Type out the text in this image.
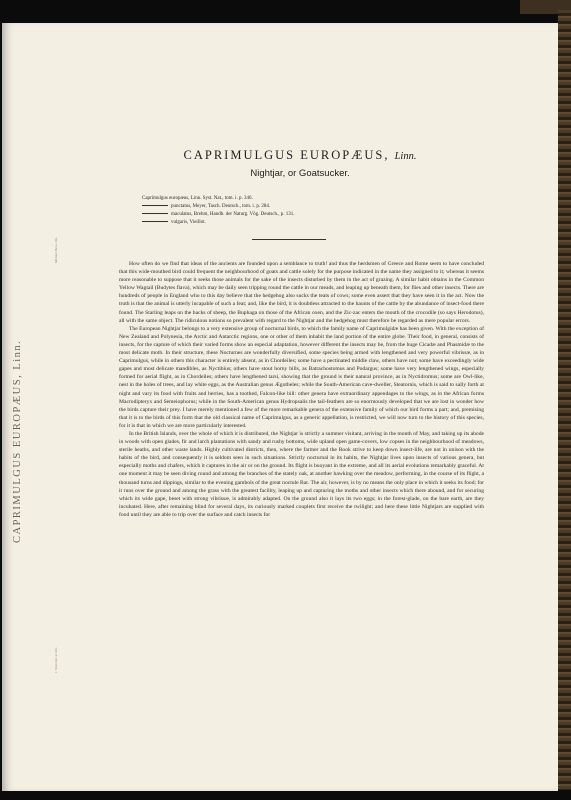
CAPRIMULGUS EUROPÆUS, Linn.
Mintern Bros. lith.
J. Smit del. et lith.
CAPRIMULGUS EUROPÆUS, Linn.
Nightjar, or Goatsucker.
Caprimulgus europæus, Linn. Syst. Nat., tom. i. p. 346.
punctatus, Meyer, Tasch. Deutsch., tom. i. p. 284.
maculatus, Brehm, Handb. der Naturg. Vög. Deutsch., p. 131.
vulgaris, Vieillot.

How often do we find that ideas of the ancients are founded upon a semblance to truth! and thus the herdsmen of Greece and Rome seem to have concluded that this wide-mouthed bird could frequent the neighbourhood of goats and cattle solely for the purpose indicated in the name they assigned to it; whereas it seems more reasonable to suppose that it seeks those animals for the sake of the insects disturbed by them in the act of grazing. A similar habit obtains in the Common Yellow Wagtail (Budytes flava), which may be daily seen tripping round the cattle in our meads, and leaping up beneath them, for flies and other insects. There are hundreds of people in England who to this day believe that the hedgehog also sucks the teats of cows; some even assert that they have seen it in the act. Now the truth is that the animal is utterly incapable of such a feat; and, like the bird, it is doubtless attracted to the haunts of the cattle by the abundance of insect-food there found. The Starling leaps on the backs of sheep, the Buphaga on those of the African oxen, and the Zic-zac enters the mouth of the crocodile (so says Herodotus), all with the same object. The ridiculous notions so prevalent with regard to the Nightjar and the hedgehog must therefore be regarded as mere popular errors.

The European Nightjar belongs to a very extensive group of nocturnal birds, to which the family name of Caprimulgidæ has been given. With the exception of New Zealand and Polynesia, the Arctic and Antarctic regions, one or other of them inhabit the land portion of the entire globe. Their food, in general, consists of insects, for the capture of which their varied forms show an especial adaptation, however different the insects may be, from the huge Cicadæ and Phasmidæ to the most delicate moth. In their structure, these Nocturnes are wonderfully diversified, some species being armed with lengthened and very powerful vibrissæ, as in Caprimulgus, while in others this character is entirely absent, as in Chordeiles; some have a pectinated middle claw, others have not; some have exceedingly wide gapes and most delicate mandibles, as Nyctibius; others have stout horny bills, as Batrachostomus and Podargus; some have very lengthened wings, especially formed for aerial flight, as in Chordeiles; others have lengthened tarsi, showing that the ground is their natural province, as in Nyctidromus; some are Owl-like, nest in the holes of trees, and lay white eggs, as the Australian genus Ægotheles; while the South-American cave-dweller, Steatornis, which is said to sally forth at night and vary its food with fruits and berries, has a toothed, Falcon-like bill: other genera have extraordinary appendages to the wings, as in the African forms Macrodipteryx and Semeiophorus; while in the South-American genus Hydropsalis the tail-feathers are so enormously developed that we are lost in wonder how the birds capture their prey. I have merely mentioned a few of the more remarkable genera of the extensive family of which our bird forms a part; and, premising that it is to the birds of this form that the old classical name of Caprimulgus, as a generic appellation, is restricted, we will now turn to the history of this species, for it is that in which we are more particularly interested.

In the British Islands, over the whole of which it is distributed, the Nightjar is strictly a summer visitant, arriving in the month of May, and taking up its abode in woods with open glades, fir and larch plantations with sandy and rushy bottoms, wide upland open game-covers, low copses in the neighbourhood of meadows, sterile heaths, and other waste lands. Highly cultivated districts, then, where the farmer and the Rook strive to keep down insect-life, are not in unison with the habits of the bird, and consequently it is seldom seen in such situations. Strictly nocturnal in its habits, the Nightjar lives upon insects of various genera, but especially moths and chafers, which it captures in the air or on the ground. Its flight is buoyant in the extreme, and all its aerial evolutions remarkably graceful. At one moment it may be seen diving round and among the branches of the stately oak, at another hawking over the meadow, performing, in the course of its flight, a thousand turns and dippings, similar to the evening gambols of the great noctule Bat. The air, however, is by no means the only place in which it seeks its food; for it runs over the ground and among the grass with the greatest facility, leaping up and capturing the moths and other insects which there abound, and for securing which its wide gape, beset with strong vibrissæ, is admirably adapted. On the ground also it lays its two eggs; in the forest-glade, on the bare earth, are they incubated. Here, after remaining blind for several days, its curiously marked couplets first receive the twilight; and here these little Nightjars are supplied with food until they are able to trip over the surface and catch insects for
